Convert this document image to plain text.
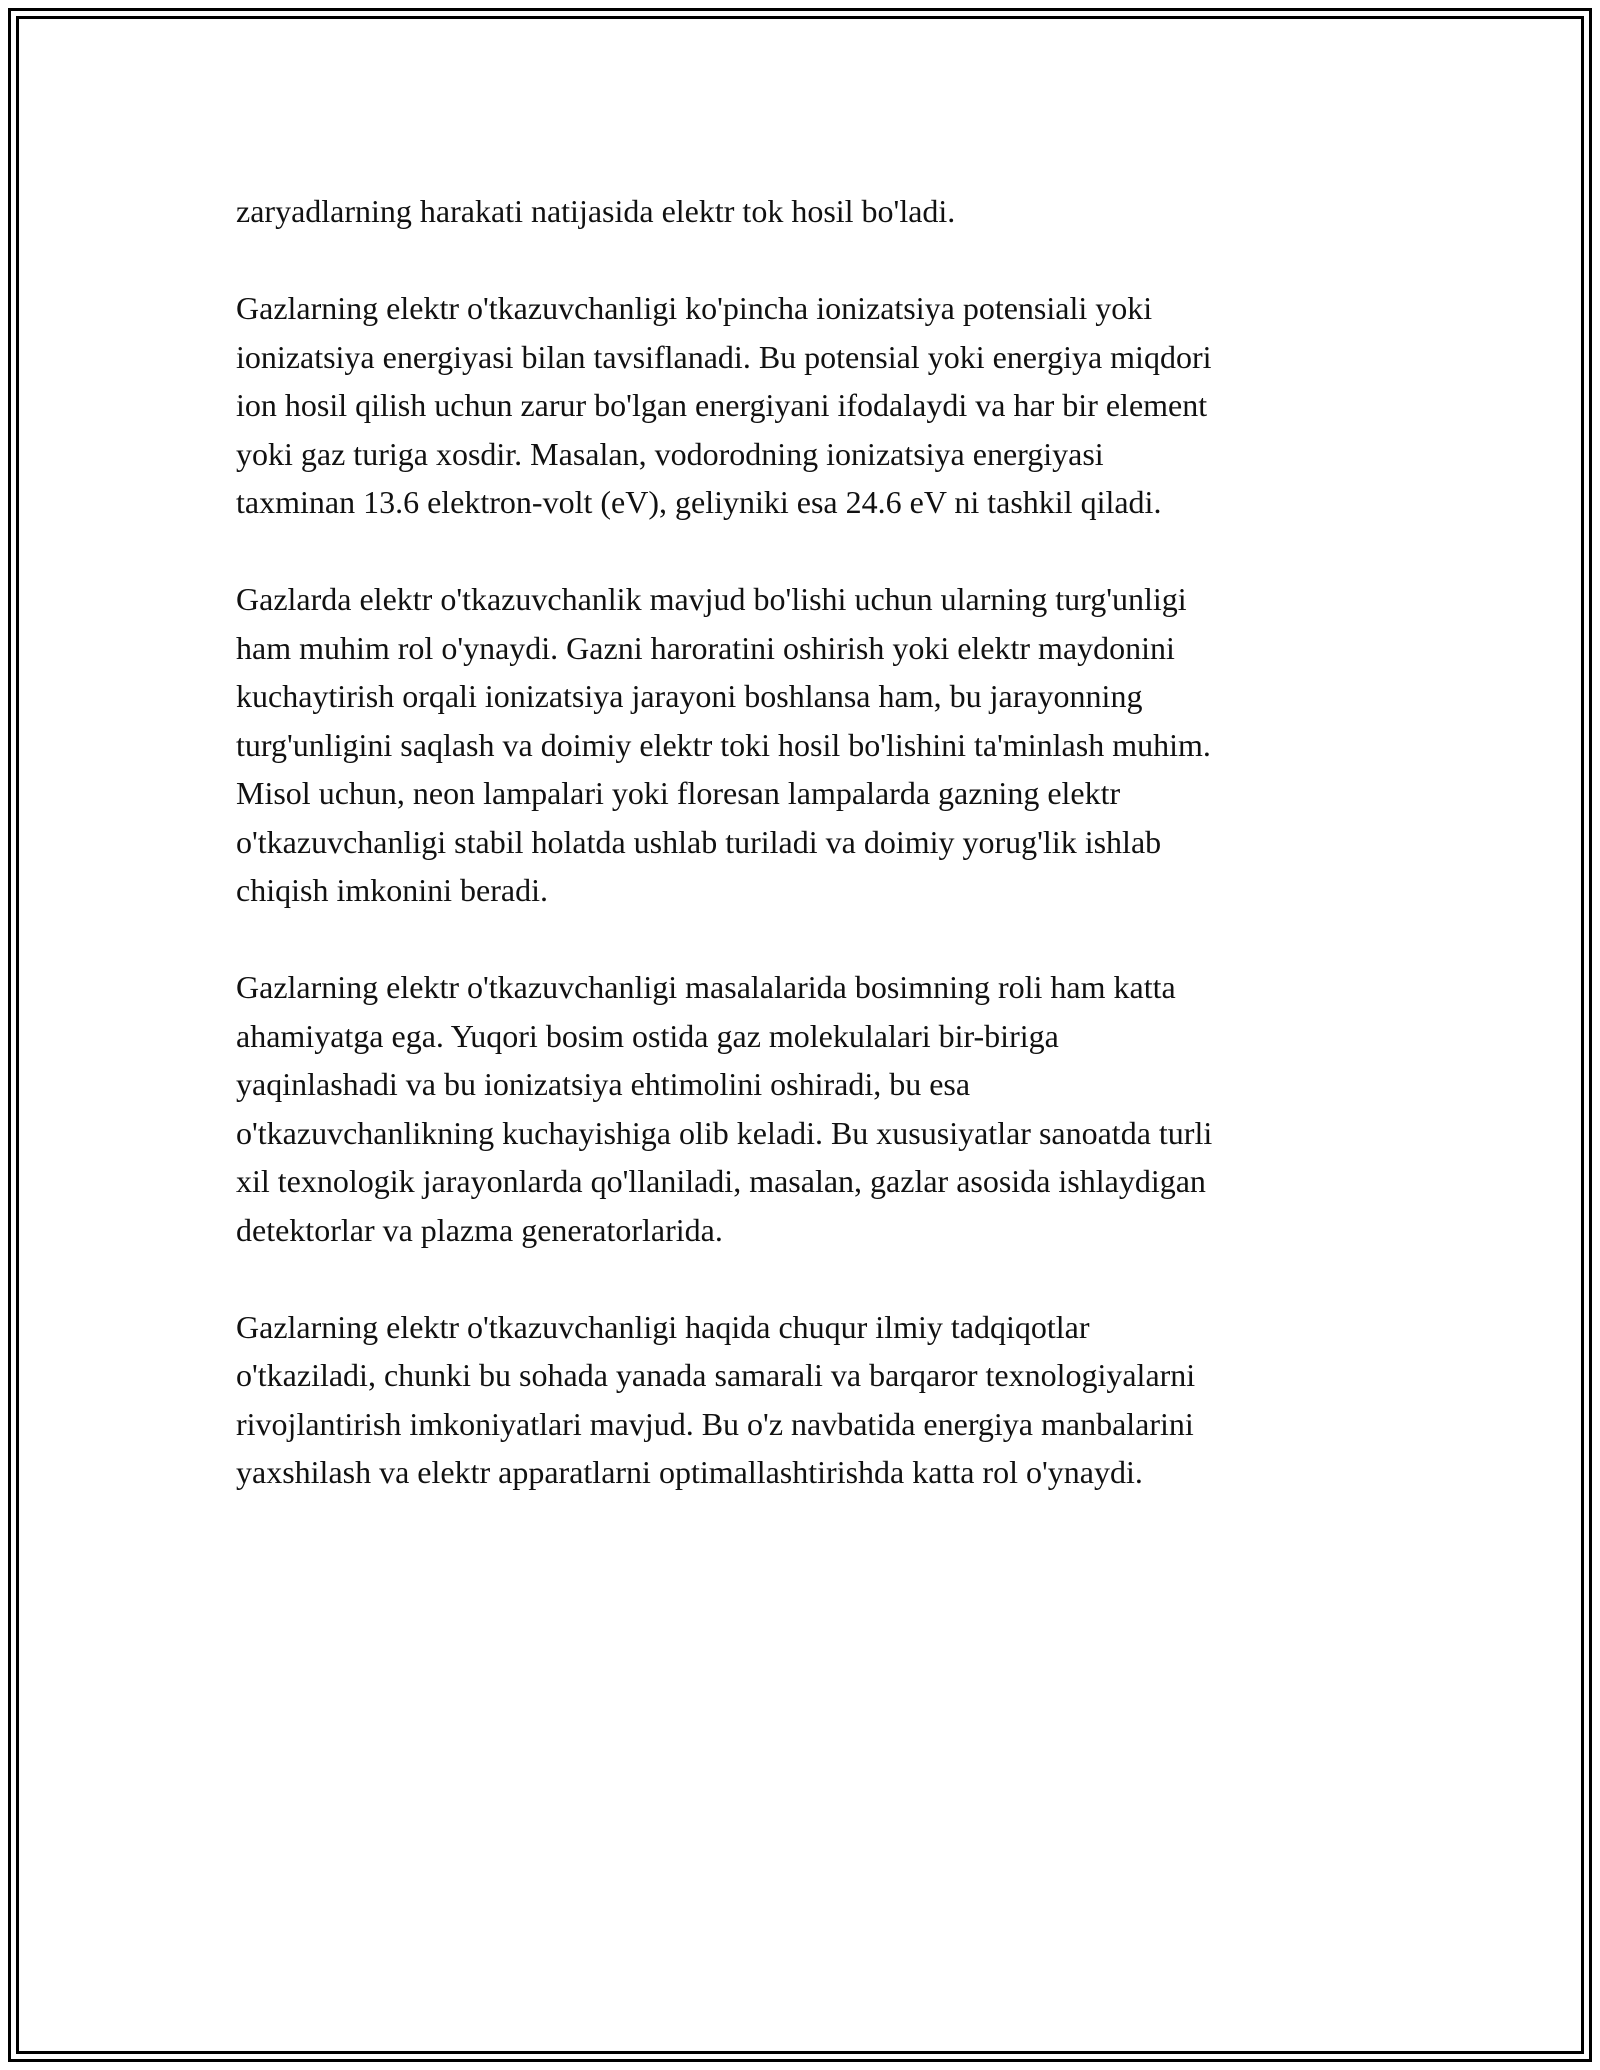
zaryadlarning harakati natijasida elektr tok hosil bo'ladi.

Gazlarning elektr o'tkazuvchanligi ko'pincha ionizatsiya potensiali yoki
ionizatsiya energiyasi bilan tavsiflanadi. Bu potensial yoki energiya miqdori
ion hosil qilish uchun zarur bo'lgan energiyani ifodalaydi va har bir element
yoki gaz turiga xosdir. Masalan, vodorodning ionizatsiya energiyasi
taxminan 13.6 elektron-volt (eV), geliyniki esa 24.6 eV ni tashkil qiladi.

Gazlarda elektr o'tkazuvchanlik mavjud bo'lishi uchun ularning turg'unligi
ham muhim rol o'ynaydi. Gazni haroratini oshirish yoki elektr maydonini
kuchaytirish orqali ionizatsiya jarayoni boshlansa ham, bu jarayonning
turg'unligini saqlash va doimiy elektr toki hosil bo'lishini ta'minlash muhim.
Misol uchun, neon lampalari yoki floresan lampalarda gazning elektr
o'tkazuvchanligi stabil holatda ushlab turiladi va doimiy yorug'lik ishlab
chiqish imkonini beradi.

Gazlarning elektr o'tkazuvchanligi masalalarida bosimning roli ham katta
ahamiyatga ega. Yuqori bosim ostida gaz molekulalari bir-biriga
yaqinlashadi va bu ionizatsiya ehtimolini oshiradi, bu esa
o'tkazuvchanlikning kuchayishiga olib keladi. Bu xususiyatlar sanoatda turli
xil texnologik jarayonlarda qo'llaniladi, masalan, gazlar asosida ishlaydigan
detektorlar va plazma generatorlarida.

Gazlarning elektr o'tkazuvchanligi haqida chuqur ilmiy tadqiqotlar
o'tkaziladi, chunki bu sohada yanada samarali va barqaror texnologiyalarni
rivojlantirish imkoniyatlari mavjud. Bu o'z navbatida energiya manbalarini
yaxshilash va elektr apparatlarni optimallashtirishda katta rol o'ynaydi.
